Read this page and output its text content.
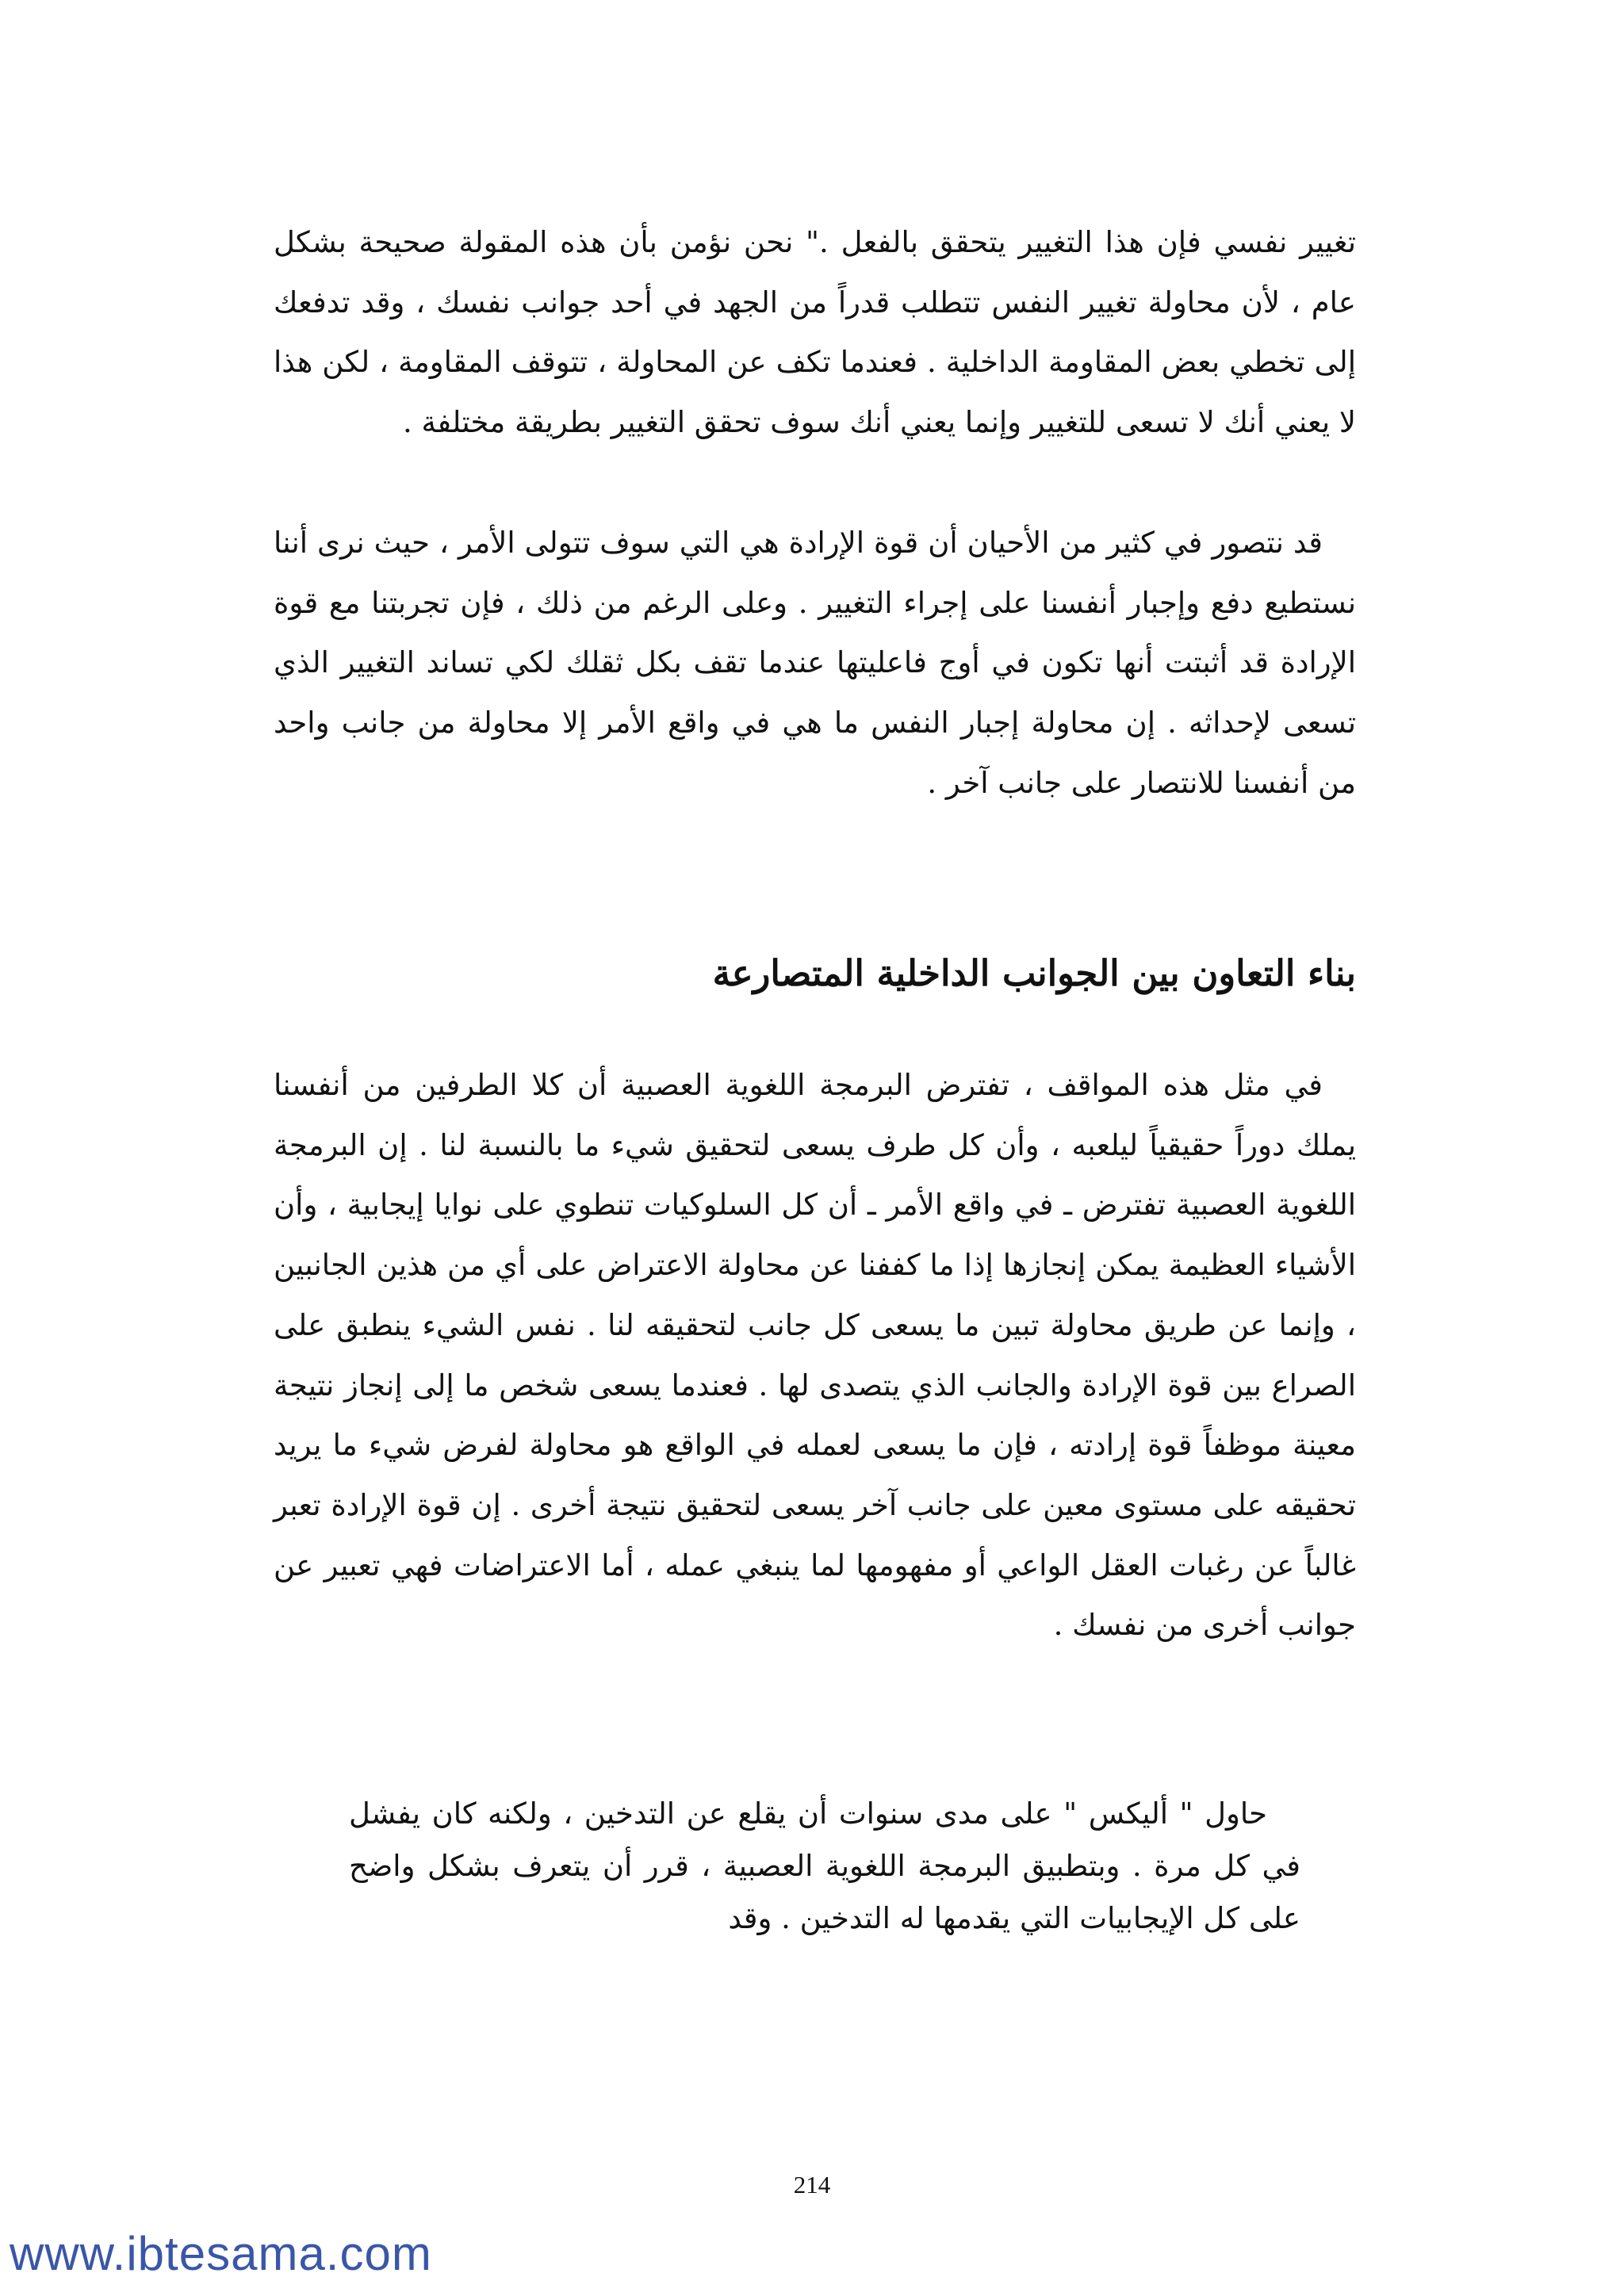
تغيير نفسي فإن هذا التغيير يتحقق بالفعل ." نحن نؤمن بأن هذه المقولة صحيحة بشكل عام ، لأن محاولة تغيير النفس تتطلب قدراً من الجهد في أحد جوانب نفسك ، وقد تدفعك إلى تخطي بعض المقاومة الداخلية . فعندما تكف عن المحاولة ، تتوقف المقاومة ، لكن هذا لا يعني أنك لا تسعى للتغيير وإنما يعني أنك سوف تحقق التغيير بطريقة مختلفة .

قد نتصور في كثير من الأحيان أن قوة الإرادة هي التي سوف تتولى الأمر ، حيث نرى أننا نستطيع دفع وإجبار أنفسنا على إجراء التغيير . وعلى الرغم من ذلك ، فإن تجربتنا مع قوة الإرادة قد أثبتت أنها تكون في أوج فاعليتها عندما تقف بكل ثقلك لكي تساند التغيير الذي تسعى لإحداثه . إن محاولة إجبار النفس ما هي في واقع الأمر إلا محاولة من جانب واحد من أنفسنا للانتصار على جانب آخر .

بناء التعاون بين الجوانب الداخلية المتصارعة

في مثل هذه المواقف ، تفترض البرمجة اللغوية العصبية أن كلا الطرفين من أنفسنا يملك دوراً حقيقياً ليلعبه ، وأن كل طرف يسعى لتحقيق شيء ما بالنسبة لنا . إن البرمجة اللغوية العصبية تفترض ـ في واقع الأمر ـ أن كل السلوكيات تنطوي على نوايا إيجابية ، وأن الأشياء العظيمة يمكن إنجازها إذا ما كففنا عن محاولة الاعتراض على أي من هذين الجانبين ، وإنما عن طريق محاولة تبين ما يسعى كل جانب لتحقيقه لنا . نفس الشيء ينطبق على الصراع بين قوة الإرادة والجانب الذي يتصدى لها . فعندما يسعى شخص ما إلى إنجاز نتيجة معينة موظفاً قوة إرادته ، فإن ما يسعى لعمله في الواقع هو محاولة لفرض شيء ما يريد تحقيقه على مستوى معين على جانب آخر يسعى لتحقيق نتيجة أخرى . إن قوة الإرادة تعبر غالباً عن رغبات العقل الواعي أو مفهومها لما ينبغي عمله ، أما الاعتراضات فهي تعبير عن جوانب أخرى من نفسك .

حاول " أليكس " على مدى سنوات أن يقلع عن التدخين ، ولكنه كان يفشل في كل مرة . وبتطبيق البرمجة اللغوية العصبية ، قرر أن يتعرف بشكل واضح على كل الإيجابيات التي يقدمها له التدخين . وقد

214
www.ibtesama.com
